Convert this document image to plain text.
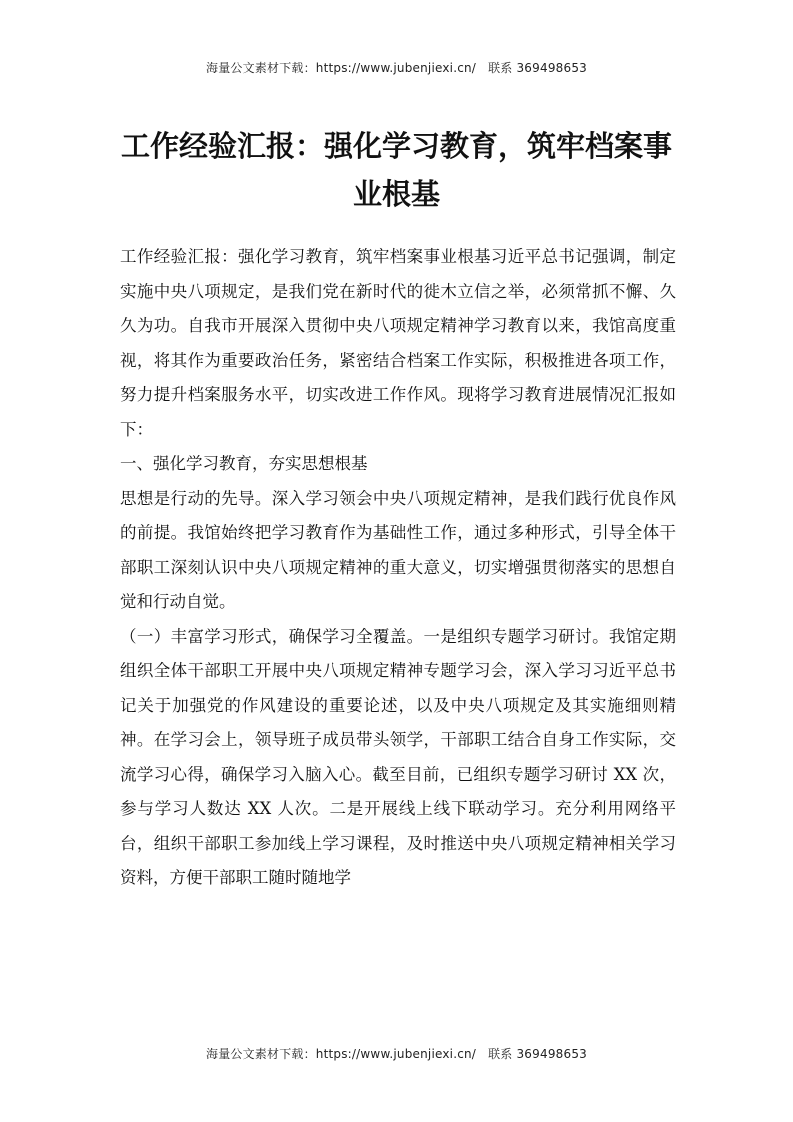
海量公文素材下载：https://www.jubenjiexi.cn/ 联系 369498653
工作经验汇报：强化学习教育，筑牢档案事业根基

工作经验汇报：强化学习教育，筑牢档案事业根基习近平总书记强调，制定实施中央八项规定，是我们党在新时代的徙木立信之举，必须常抓不懈、久久为功。自我市开展深入贯彻中央八项规定精神学习教育以来，我馆高度重视，将其作为重要政治任务，紧密结合档案工作实际，积极推进各项工作，努力提升档案服务水平，切实改进工作作风。现将学习教育进展情况汇报如下：

一、强化学习教育，夯实思想根基

思想是行动的先导。深入学习领会中央八项规定精神，是我们践行优良作风的前提。我馆始终把学习教育作为基础性工作，通过多种形式，引导全体干部职工深刻认识中央八项规定精神的重大意义，切实增强贯彻落实的思想自觉和行动自觉。

（一）丰富学习形式，确保学习全覆盖。一是组织专题学习研讨。我馆定期组织全体干部职工开展中央八项规定精神专题学习会，深入学习习近平总书记关于加强党的作风建设的重要论述，以及中央八项规定及其实施细则精神。在学习会上，领导班子成员带头领学，干部职工结合自身工作实际，交流学习心得，确保学习入脑入心。截至目前，已组织专题学习研讨 XX 次，参与学习人数达 XX 人次。二是开展线上线下联动学习。充分利用网络平台，组织干部职工参加线上学习课程，及时推送中央八项规定精神相关学习资料，方便干部职工随时随地学

海量公文素材下载：https://www.jubenjiexi.cn/ 联系 369498653
